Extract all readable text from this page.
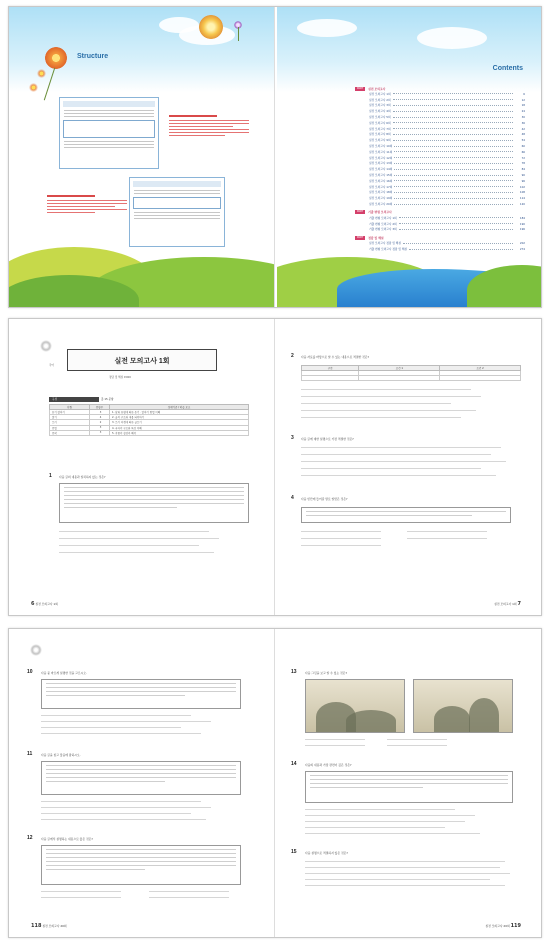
Structure
Contents
PART	실전 모의고사
실전 모의고사 1회	6
실전 모의고사 2회	12
실전 모의고사 3회	18
실전 모의고사 4회	24
실전 모의고사 5회	30
실전 모의고사 6회	36
실전 모의고사 7회	42
실전 모의고사 8회	48
실전 모의고사 9회	54
실전 모의고사 10회	60
실전 모의고사 11회	66
실전 모의고사 12회	72
실전 모의고사 13회	78
실전 모의고사 14회	84
실전 모의고사 15회	90
실전 모의고사 16회	96
실전 모의고사 17회	102
실전 모의고사 18회	108
실전 모의고사 19회	114
실전 모의고사 20회	120
PART	기출 변형 모의고사
기출 변형 모의고사 1회	184
기출 변형 모의고사 2회	190
기출 변형 모의고사 3회	196
PART	정답 및 해설
실전 모의고사 정답 및 해설	202
기출 변형 모의고사 정답 및 해설	274
국어
실전 모의고사 1회
정답 및 해설 P.000
구성	총 15 문항
단원	문항수	성취기준 / 학습 요소
듣기·말하기	3	1. 담화 유형에 따른 듣기 · 말하기 방법 이해
읽기	4	2. 글의 구조와 내용 파악하기
쓰기	2	3. 쓰기 과정에 따른 글쓰기
문법	3	4. 국어의 구조와 특성 이해
문학	3	5. 작품의 감상과 해석
1	다음 글의 내용과 일치하지 않는 것은?
6 실전 모의고사 1회
2	다음 자료를 바탕으로 알 수 있는 내용으로 적절한 것은?
구분	조건 1	조건 2

3	다음 글에 대한 설명으로 가장 적절한 것은?
4	다음 빈칸에 들어갈 말로 알맞은 것은?
실전 모의고사 1회 7
10	다음 중 바르게 설명한 것을 고르시오.
11	다음 글을 읽고 물음에 답하시오.
12	다음 글에서 설명하는 내용으로 옳은 것은?
118 실전 모의고사 20회
13	다음 그림을 보고 알 수 있는 것은?
14	다음의 내용과 가장 관련이 깊은 것은?
15	다음 설명으로 적절하지 않은 것은?
실전 모의고사 20회 119
